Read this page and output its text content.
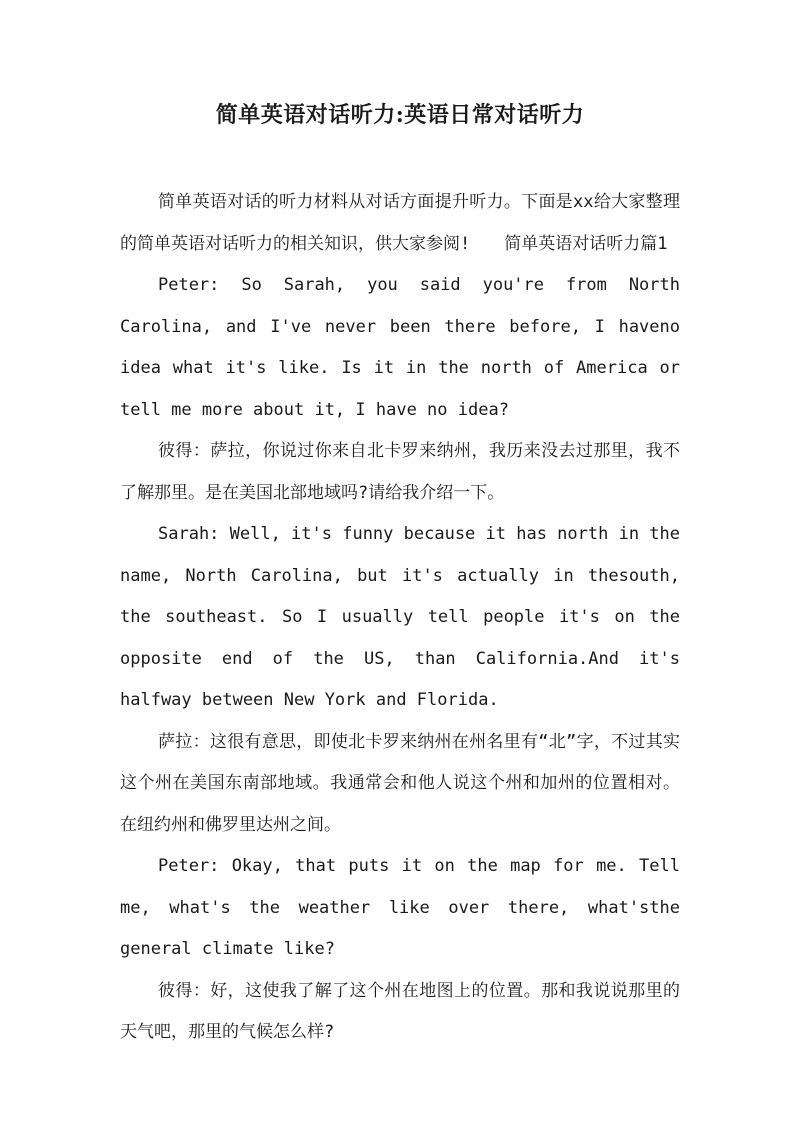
简单英语对话听力:英语日常对话听力

简单英语对话的听力材料从对话方面提升听力。下面是xx给大家整理的简单英语对话听力的相关知识，供大家参阅!　　简单英语对话听力篇1

Peter: So Sarah, you said you're from North Carolina, and I've never been there before, I haveno idea what it's like. Is it in the north of America or tell me more about it, I have no idea?

彼得：萨拉，你说过你来自北卡罗来纳州，我历来没去过那里，我不了解那里。是在美国北部地域吗?请给我介绍一下。

Sarah: Well, it's funny because it has north in the name, North Carolina, but it's actually in thesouth, the southeast. So I usually tell people it's on the opposite end of the US, than California.And it's halfway between New York and Florida.

萨拉：这很有意思，即使北卡罗来纳州在州名里有“北”字，不过其实这个州在美国东南部地域。我通常会和他人说这个州和加州的位置相对。在纽约州和佛罗里达州之间。

Peter: Okay, that puts it on the map for me. Tell me, what's the weather like over there, what'sthe general climate like?

彼得：好，这使我了解了这个州在地图上的位置。那和我说说那里的天气吧，那里的气候怎么样?
